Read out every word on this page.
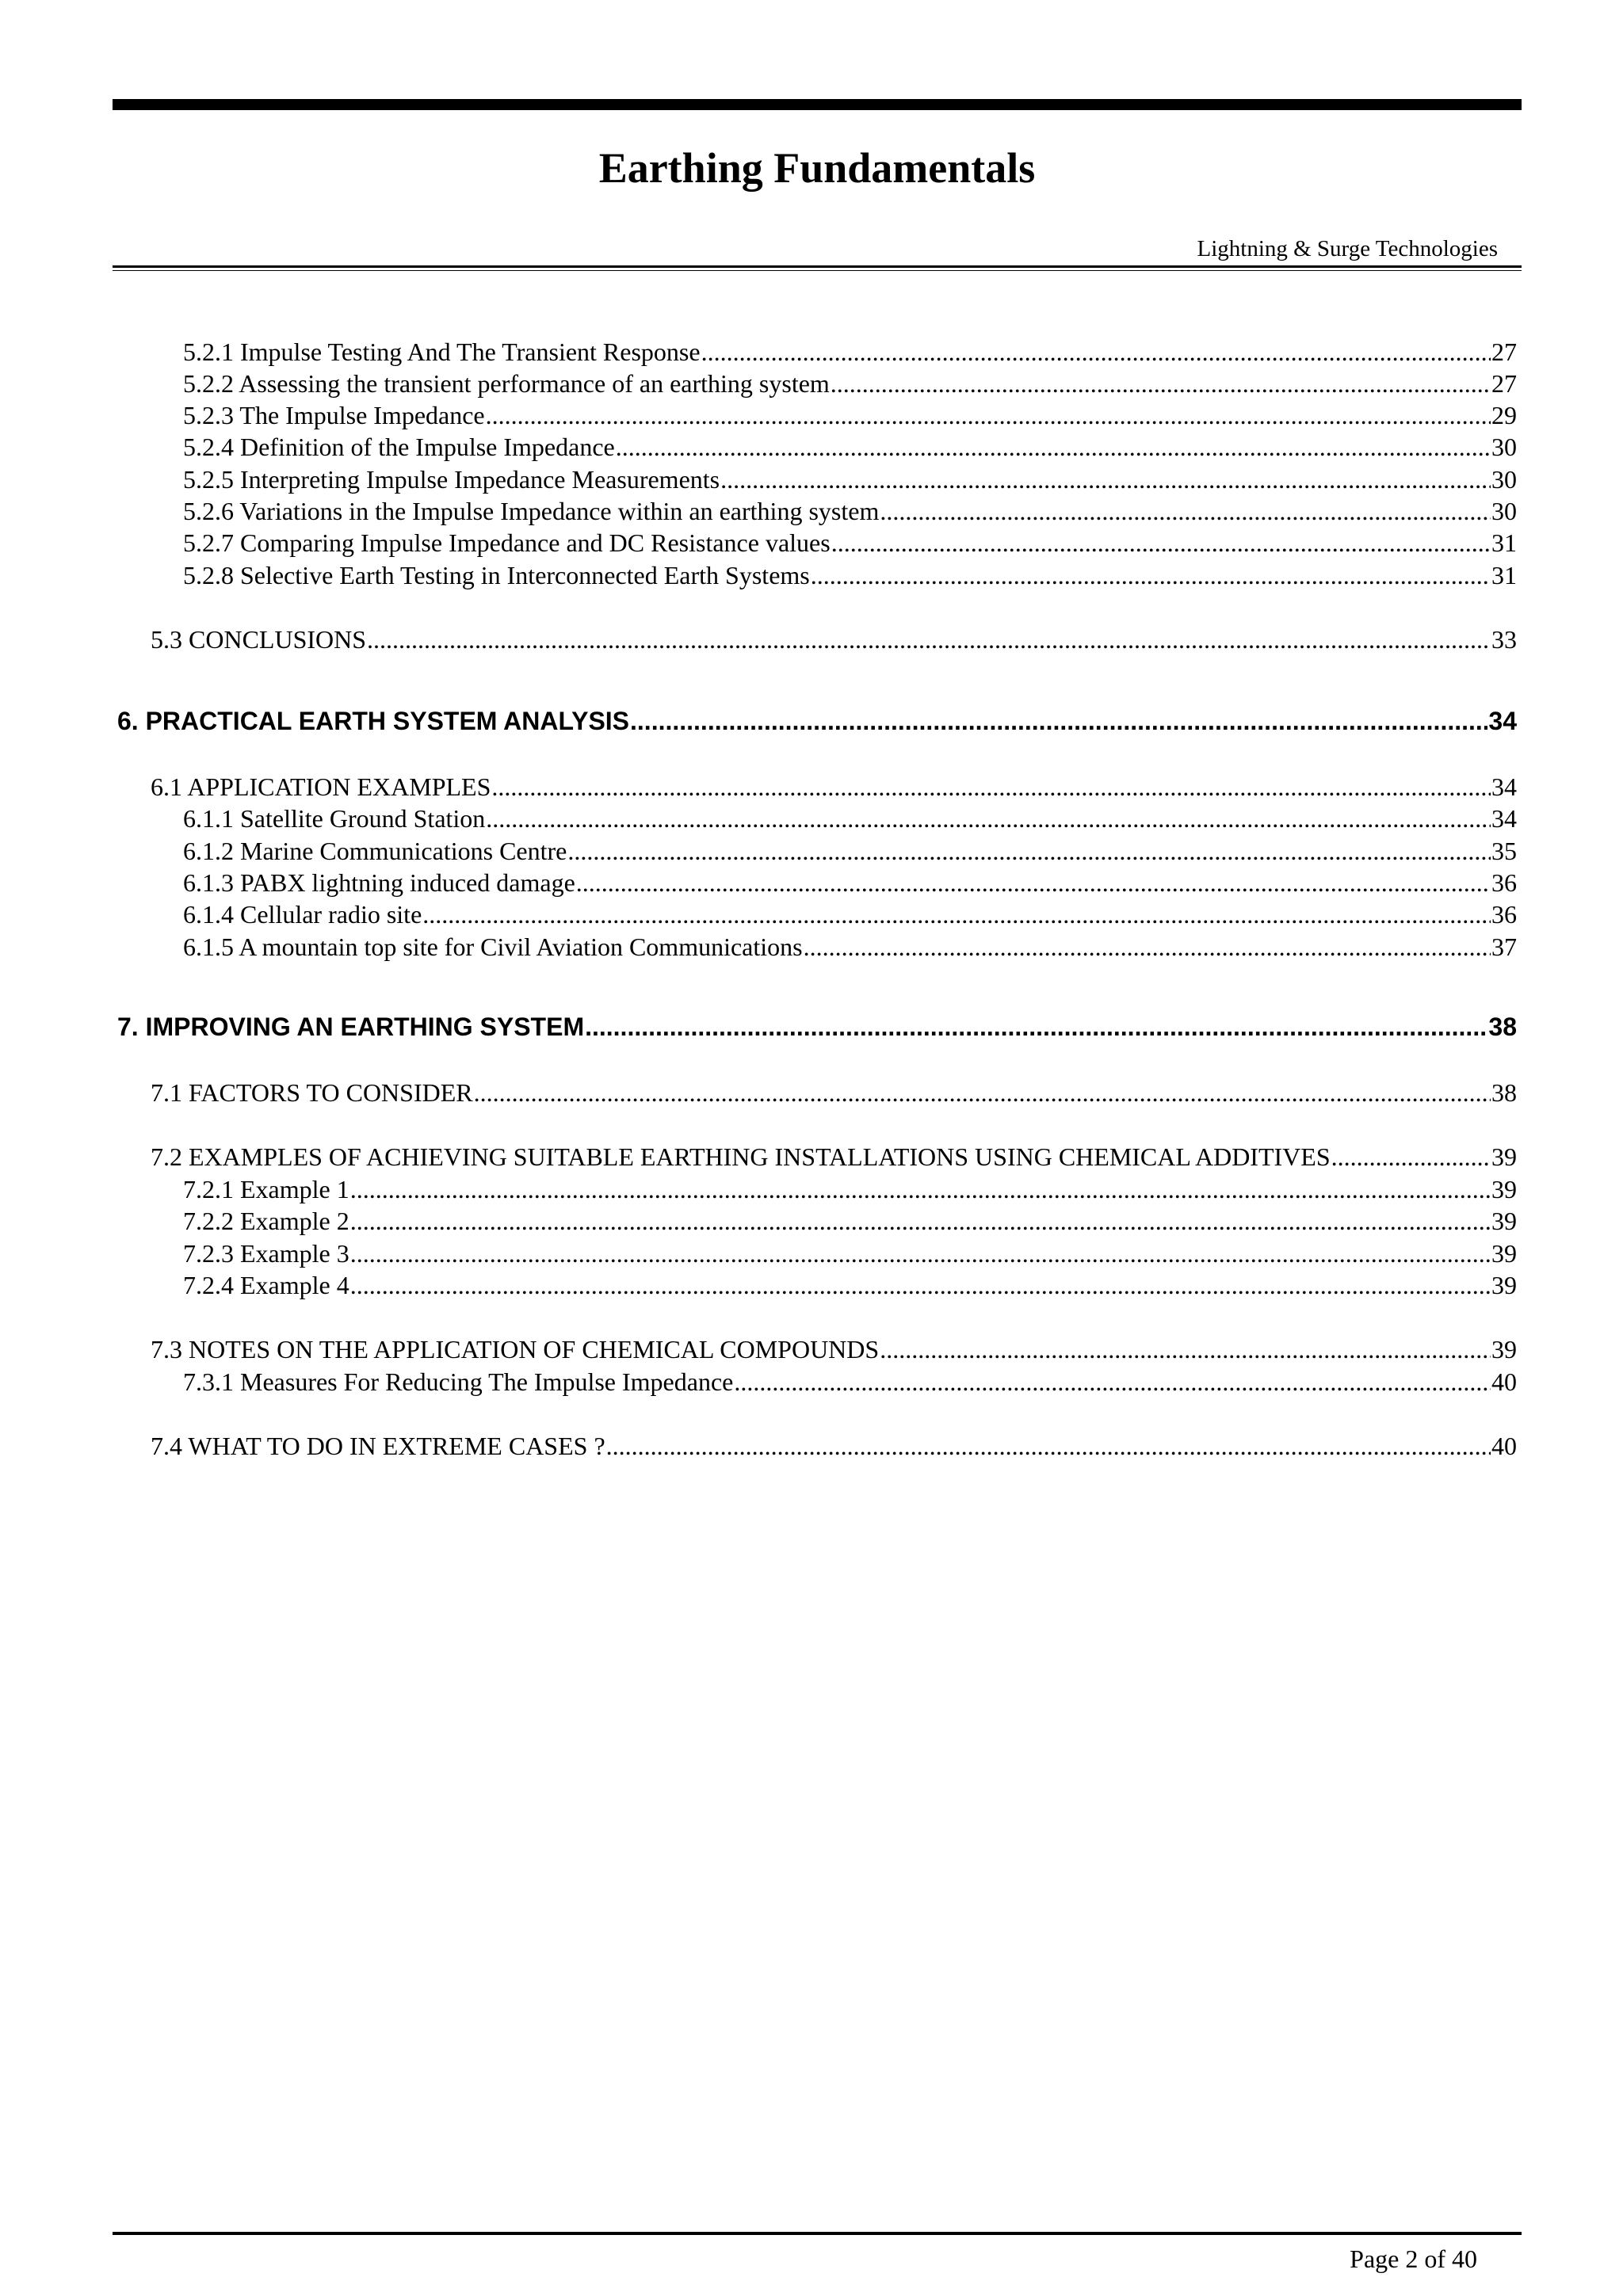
Earthing Fundamentals
Lightning & Surge Technologies
5.2.1 Impulse Testing And The Transient Response .....	27
5.2.2 Assessing the transient performance of an earthing system .....	27
5.2.3 The Impulse Impedance .....	29
5.2.4 Definition of the Impulse Impedance .....	30
5.2.5 Interpreting Impulse Impedance Measurements .....	30
5.2.6 Variations in the Impulse Impedance within an earthing system .....	30
5.2.7 Comparing Impulse Impedance and DC Resistance values .....	31
5.2.8 Selective Earth Testing in Interconnected Earth Systems .....	31
5.3 CONCLUSIONS .....	33
6. PRACTICAL EARTH SYSTEM ANALYSIS .....	34
6.1 APPLICATION EXAMPLES .....	34
6.1.1 Satellite Ground Station .....	34
6.1.2 Marine Communications Centre .....	35
6.1.3 PABX lightning induced damage .....	36
6.1.4 Cellular radio site .....	36
6.1.5 A mountain top site for Civil Aviation Communications .....	37
7. IMPROVING AN EARTHING SYSTEM .....	38
7.1 FACTORS TO CONSIDER .....	38
7.2 EXAMPLES OF ACHIEVING SUITABLE EARTHING INSTALLATIONS USING CHEMICAL ADDITIVES .....	39
7.2.1 Example 1 .....	39
7.2.2 Example 2 .....	39
7.2.3 Example 3 .....	39
7.2.4 Example 4 .....	39
7.3 NOTES ON THE APPLICATION OF CHEMICAL COMPOUNDS .....	39
7.3.1 Measures For Reducing The Impulse Impedance .....	40
7.4 WHAT TO DO IN EXTREME CASES ? .....	40
Page 2 of 40
